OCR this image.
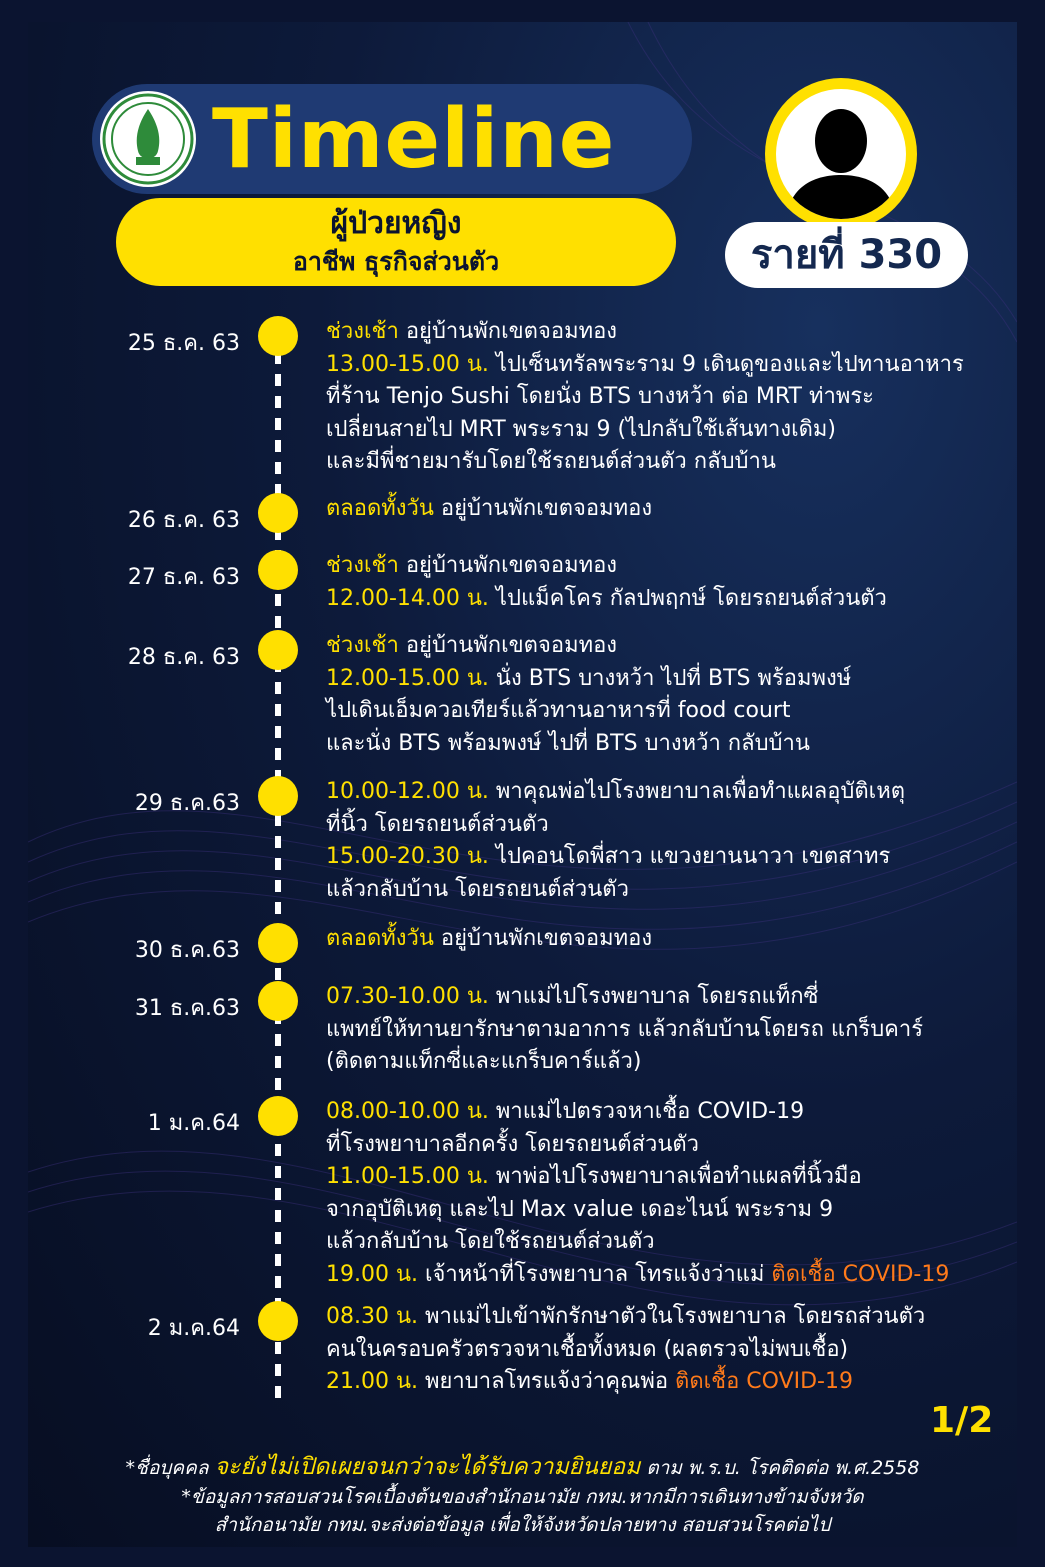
Timeline
ผู้ป่วยหญิง
อาชีพ ธุรกิจส่วนตัว	รายที่ 330
25 ธ.ค. 63	ช่วงเช้า อยู่บ้านพักเขตจอมทอง
13.00-15.00 น. ไปเซ็นทรัลพระราม 9 เดินดูของและไปทานอาหาร
ที่ร้าน Tenjo Sushi โดยนั่ง BTS บางหว้า ต่อ MRT ท่าพระ
เปลี่ยนสายไป MRT พระราม 9 (ไปกลับใช้เส้นทางเดิม)
และมีพี่ชายมารับโดยใช้รถยนต์ส่วนตัว กลับบ้าน
26 ธ.ค. 63	ตลอดทั้งวัน อยู่บ้านพักเขตจอมทอง
27 ธ.ค. 63	ช่วงเช้า อยู่บ้านพักเขตจอมทอง
12.00-14.00 น. ไปแม็คโคร กัลปพฤกษ์ โดยรถยนต์ส่วนตัว
28 ธ.ค. 63	ช่วงเช้า อยู่บ้านพักเขตจอมทอง
12.00-15.00 น. นั่ง BTS บางหว้า ไปที่ BTS พร้อมพงษ์
ไปเดินเอ็มควอเทียร์แล้วทานอาหารที่ food court
และนั่ง BTS พร้อมพงษ์ ไปที่ BTS บางหว้า กลับบ้าน
29 ธ.ค.63	10.00-12.00 น. พาคุณพ่อไปโรงพยาบาลเพื่อทำแผลอุบัติเหตุ
ที่นิ้ว โดยรถยนต์ส่วนตัว
15.00-20.30 น. ไปคอนโดพี่สาว แขวงยานนาวา เขตสาทร
แล้วกลับบ้าน โดยรถยนต์ส่วนตัว
30 ธ.ค.63	ตลอดทั้งวัน อยู่บ้านพักเขตจอมทอง
31 ธ.ค.63	07.30-10.00 น. พาแม่ไปโรงพยาบาล โดยรถแท็กซี่
แพทย์ให้ทานยารักษาตามอาการ แล้วกลับบ้านโดยรถ แกร็บคาร์
(ติดตามแท็กซี่และแกร็บคาร์แล้ว)
1 ม.ค.64	08.00-10.00 น. พาแม่ไปตรวจหาเชื้อ COVID-19
ที่โรงพยาบาลอีกครั้ง โดยรถยนต์ส่วนตัว
11.00-15.00 น. พาพ่อไปโรงพยาบาลเพื่อทำแผลที่นิ้วมือ
จากอุบัติเหตุ และไป Max value เดอะไนน์ พระราม 9
แล้วกลับบ้าน โดยใช้รถยนต์ส่วนตัว
19.00 น. เจ้าหน้าที่โรงพยาบาล โทรแจ้งว่าแม่ ติดเชื้อ COVID-19
2 ม.ค.64	08.30 น. พาแม่ไปเข้าพักรักษาตัวในโรงพยาบาล โดยรถส่วนตัว
คนในครอบครัวตรวจหาเชื้อทั้งหมด (ผลตรวจไม่พบเชื้อ)
21.00 น. พยาบาลโทรแจ้งว่าคุณพ่อ ติดเชื้อ COVID-19
1/2
*ชื่อบุคคล จะยังไม่เปิดเผยจนกว่าจะได้รับความยินยอม ตาม พ.ร.บ. โรคติดต่อ พ.ศ.2558
*ข้อมูลการสอบสวนโรคเบื้องต้นของสำนักอนามัย กทม.หากมีการเดินทางข้ามจังหวัด
สำนักอนามัย กทม.จะส่งต่อข้อมูล เพื่อให้จังหวัดปลายทาง สอบสวนโรคต่อไป
